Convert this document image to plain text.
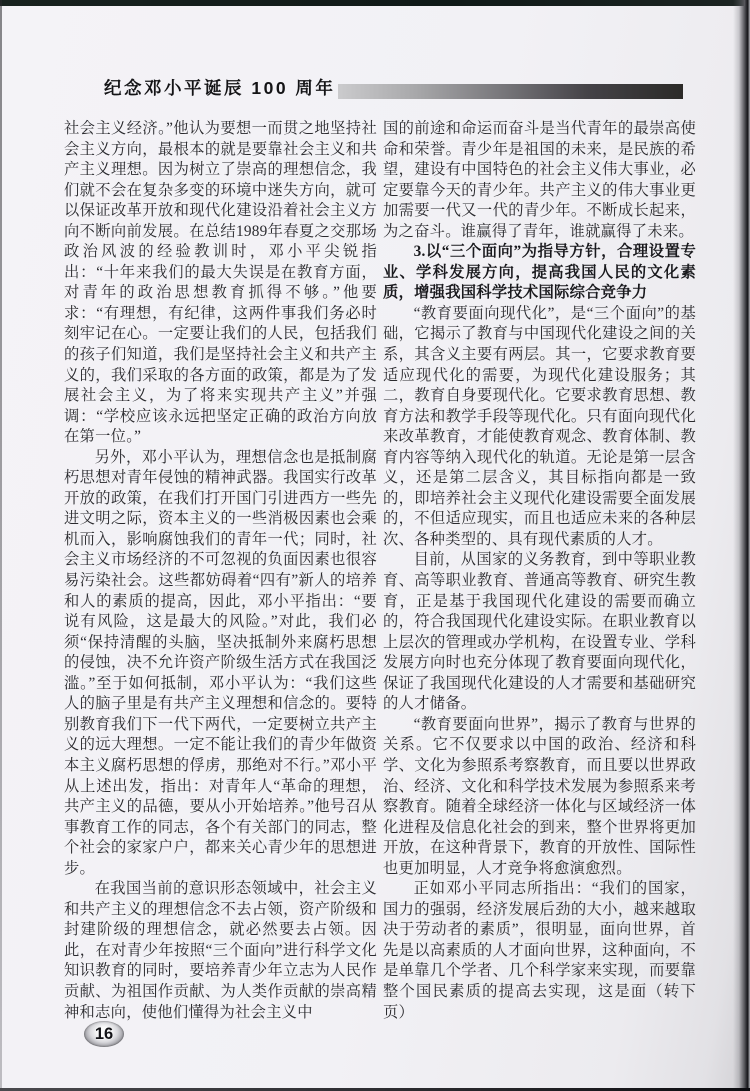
纪念邓小平诞辰 100 周年

社会主义经济。”他认为要想一而贯之地坚持社会主义方向，最根本的就是要靠社会主义和共产主义理想。因为树立了崇高的理想信念，我们就不会在复杂多变的环境中迷失方向，就可以保证改革开放和现代化建设沿着社会主义方向不断向前发展。在总结1989年春夏之交那场政治风波的经验教训时，邓小平尖锐指出：“十年来我们的最大失误是在教育方面，对青年的政治思想教育抓得不够。”他要求：“有理想，有纪律，这两件事我们务必时刻牢记在心。一定要让我们的人民，包括我们的孩子们知道，我们是坚持社会主义和共产主义的，我们采取的各方面的政策，都是为了发展社会主义，为了将来实现共产主义”并强调：“学校应该永远把坚定正确的政治方向放在第一位。”

另外，邓小平认为，理想信念也是抵制腐朽思想对青年侵蚀的精神武器。我国实行改革开放的政策，在我们打开国门引进西方一些先进文明之际，资本主义的一些消极因素也会乘机而入，影响腐蚀我们的青年一代；同时，社会主义市场经济的不可忽视的负面因素也很容易污染社会。这些都妨碍着“四有”新人的培养和人的素质的提高，因此，邓小平指出：“要说有风险，这是最大的风险。”对此，我们必须“保持清醒的头脑，坚决抵制外来腐朽思想的侵蚀，决不允许资产阶级生活方式在我国泛滥。”至于如何抵制，邓小平认为：“我们这些人的脑子里是有共产主义理想和信念的。要特别教育我们下一代下两代，一定要树立共产主义的远大理想。一定不能让我们的青少年做资本主义腐朽思想的俘虏，那绝对不行。”邓小平从上述出发，指出：对青年人“革命的理想，共产主义的品德，要从小开始培养。”他号召从事教育工作的同志，各个有关部门的同志，整个社会的家家户户，都来关心青少年的思想进步。

在我国当前的意识形态领域中，社会主义和共产主义的理想信念不去占领，资产阶级和封建阶级的理想信念，就必然要去占领。因此，在对青少年按照“三个面向”进行科学文化知识教育的同时，要培养青少年立志为人民作贡献、为祖国作贡献、为人类作贡献的崇高精神和志向，使他们懂得为社会主义中

国的前途和命运而奋斗是当代青年的最崇高使命和荣誉。青少年是祖国的未来，是民族的希望，建设有中国特色的社会主义伟大事业，必定要靠今天的青少年。共产主义的伟大事业更加需要一代又一代的青少年。不断成长起来，为之奋斗。谁赢得了青年，谁就赢得了未来。

3.以“三个面向”为指导方针，合理设置专业、学科发展方向，提高我国人民的文化素质，增强我国科学技术国际综合竞争力

“教育要面向现代化”，是“三个面向”的基础，它揭示了教育与中国现代化建设之间的关系，其含义主要有两层。其一，它要求教育要适应现代化的需要，为现代化建设服务；其二，教育自身要现代化。它要求教育思想、教育方法和教学手段等现代化。只有面向现代化来改革教育，才能使教育观念、教育体制、教育内容等纳入现代化的轨道。无论是第一层含义，还是第二层含义，其目标指向都是一致的，即培养社会主义现代化建设需要全面发展的，不但适应现实，而且也适应未来的各种层次、各种类型的、具有现代素质的人才。

目前，从国家的义务教育，到中等职业教育、高等职业教育、普通高等教育、研究生教育，正是基于我国现代化建设的需要而确立的，符合我国现代化建设实际。在职业教育以上层次的管理或办学机构，在设置专业、学科发展方向时也充分体现了教育要面向现代化，保证了我国现代化建设的人才需要和基础研究的人才储备。

“教育要面向世界”，揭示了教育与世界的关系。它不仅要求以中国的政治、经济和科学、文化为参照系考察教育，而且要以世界政治、经济、文化和科学技术发展为参照系来考察教育。随着全球经济一体化与区域经济一体化进程及信息化社会的到来，整个世界将更加开放，在这种背景下，教育的开放性、国际性也更加明显，人才竞争将愈演愈烈。

正如邓小平同志所指出：“我们的国家，国力的强弱，经济发展后劲的大小，越来越取决于劳动者的素质”，很明显，面向世界，首先是以高素质的人才面向世界，这种面向，不是单靠几个学者、几个科学家来实现，而要靠整个国民素质的提高去实现，这是面（转下页）

16
